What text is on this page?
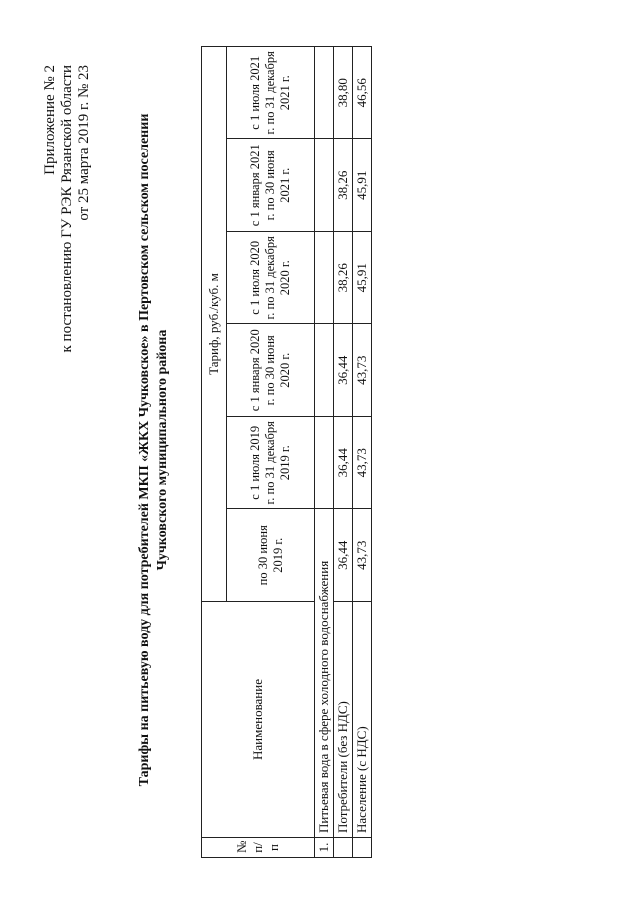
Приложение № 2 к постановлению ГУ РЭК Рязанской области от 25 марта 2019 г. № 23	Тарифы на питьевую воду для потребителей МКП «ЖКХ Чучковское» в Пертовском сельском поселении Чучковского муниципального района
№ п/п	Наименование	Тариф, руб./куб. м					
		по 30 июня 2019 г.	с 1 июля 2019 г. по 31 декабря 2019 г.	с 1 января 2020 г. по 30 июня 2020 г.	с 1 июля 2020 г. по 31 декабря 2020 г.	с 1 января 2021 г. по 30 июня 2021 г.	с 1 июля 2021 г. по 31 декабря 2021 г.
1.	Питьевая вода в сфере холодного водоснабжения						
	Потребители (без НДС)	36,44	36,44	36,44	38,26	38,26	38,80
	Население (с НДС)	43,73	43,73	43,73	45,91	45,91	46,56
